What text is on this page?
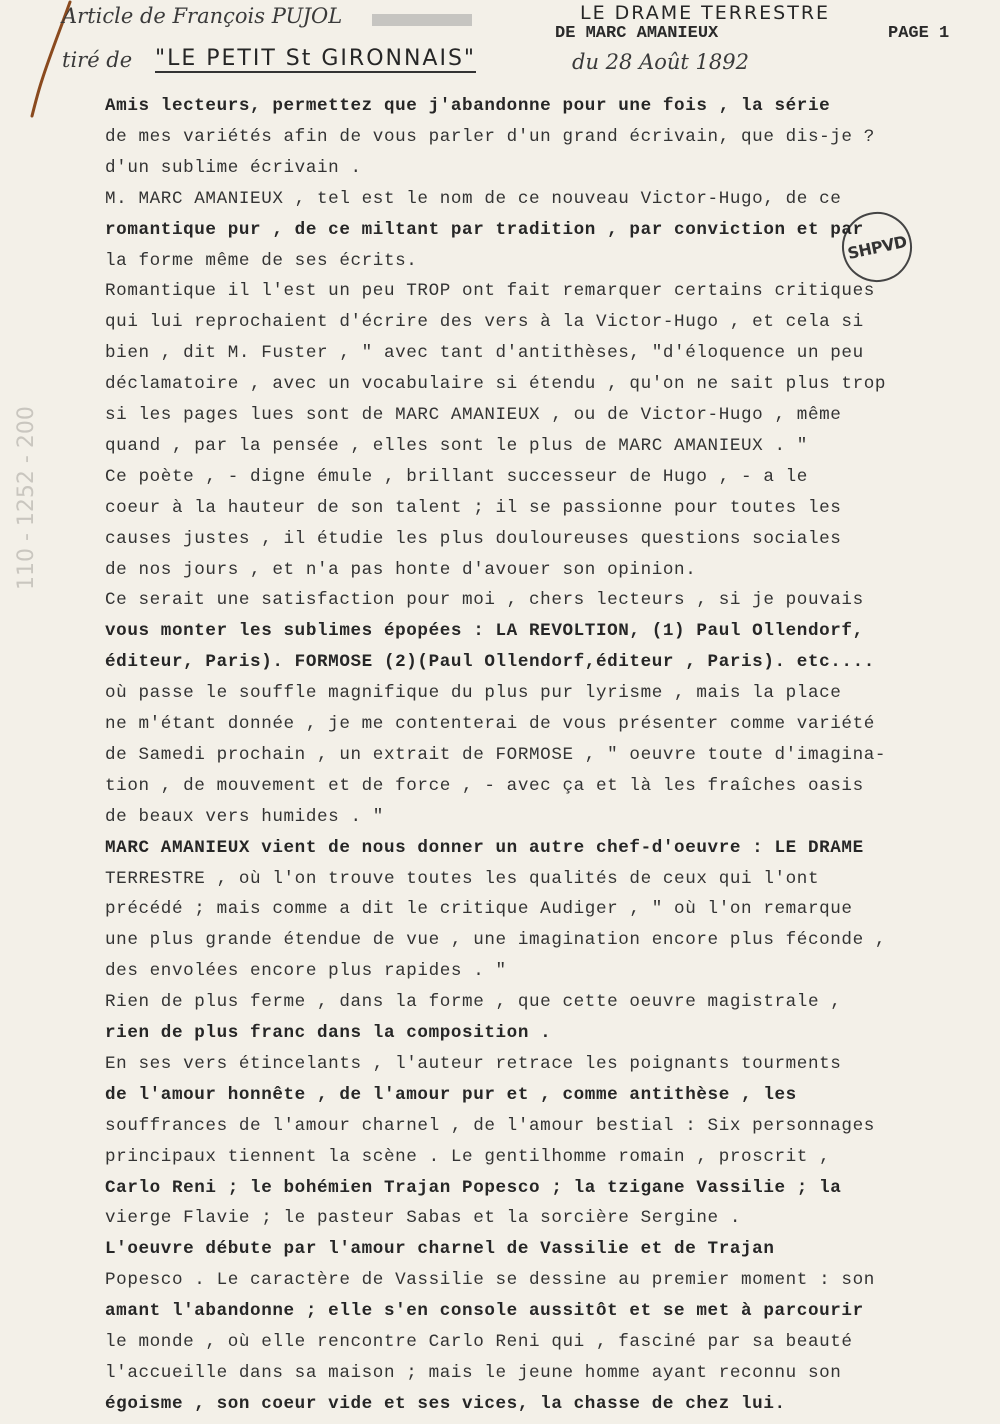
Article de François PUJOL	LE DRAME TERRESTRE
DE MARC AMANIEUX	PAGE 1
tiré de "LE PETIT St GIRONNAIS"	du 28 Août 1892
SHPVD
110 - 1252 - 200
Amis lecteurs, permettez que j'abandonne pour une fois , la série
de mes variétés afin de vous parler d'un grand écrivain, que dis-je ?
d'un sublime écrivain .
M. MARC AMANIEUX , tel est le nom de ce nouveau Victor-Hugo, de ce
romantique pur , de ce miltant par tradition , par conviction et par
la forme même de ses écrits.
Romantique il l'est un peu TROP ont fait remarquer certains critiques
qui lui reprochaient d'écrire des vers à la Victor-Hugo , et cela si
bien , dit M. Fuster , " avec tant d'antithèses, "d'éloquence un peu
déclamatoire , avec un vocabulaire si étendu , qu'on ne sait plus trop
si les pages lues sont de MARC AMANIEUX , ou de Victor-Hugo , même
quand , par la pensée , elles sont le plus de MARC AMANIEUX . "
Ce poète , - digne émule , brillant successeur de Hugo , - a le
coeur à la hauteur de son talent ; il se passionne pour toutes les
causes justes , il étudie les plus douloureuses questions sociales
de nos jours , et n'a pas honte d'avouer son opinion.
Ce serait une satisfaction pour moi , chers lecteurs , si je pouvais
vous monter les sublimes épopées : LA REVOLTION, (1) Paul Ollendorf,
éditeur, Paris). FORMOSE (2)(Paul Ollendorf,éditeur , Paris). etc....
où passe le souffle magnifique du plus pur lyrisme , mais la place
ne m'étant donnée , je me contenterai de vous présenter comme variété
de Samedi prochain , un extrait de FORMOSE , " oeuvre toute d'imagina-
tion , de mouvement et de force , - avec ça et là les fraîches oasis
de beaux vers humides . "
MARC AMANIEUX vient de nous donner un autre chef-d'oeuvre : LE DRAME
TERRESTRE , où l'on trouve toutes les qualités de ceux qui l'ont
précédé ; mais comme a dit le critique Audiger , " où l'on remarque
une plus grande étendue de vue , une imagination encore plus féconde ,
des envolées encore plus rapides . "
Rien de plus ferme , dans la forme , que cette oeuvre magistrale ,
rien de plus franc dans la composition .
En ses vers étincelants , l'auteur retrace les poignants tourments
de l'amour honnête , de l'amour pur et , comme antithèse , les
souffrances de l'amour charnel , de l'amour bestial : Six personnages
principaux tiennent la scène . Le gentilhomme romain , proscrit ,
Carlo Reni ; le bohémien Trajan Popesco ; la tzigane Vassilie ; la
vierge Flavie ; le pasteur Sabas et la sorcière Sergine .
L'oeuvre débute par l'amour charnel de Vassilie et de Trajan
Popesco . Le caractère de Vassilie se dessine au premier moment : son
amant l'abandonne ; elle s'en console aussitôt et se met à parcourir
le monde , où elle rencontre Carlo Reni qui , fasciné par sa beauté
l'accueille dans sa maison ; mais le jeune homme ayant reconnu son
égoisme , son coeur vide et ses vices, la chasse de chez lui.
